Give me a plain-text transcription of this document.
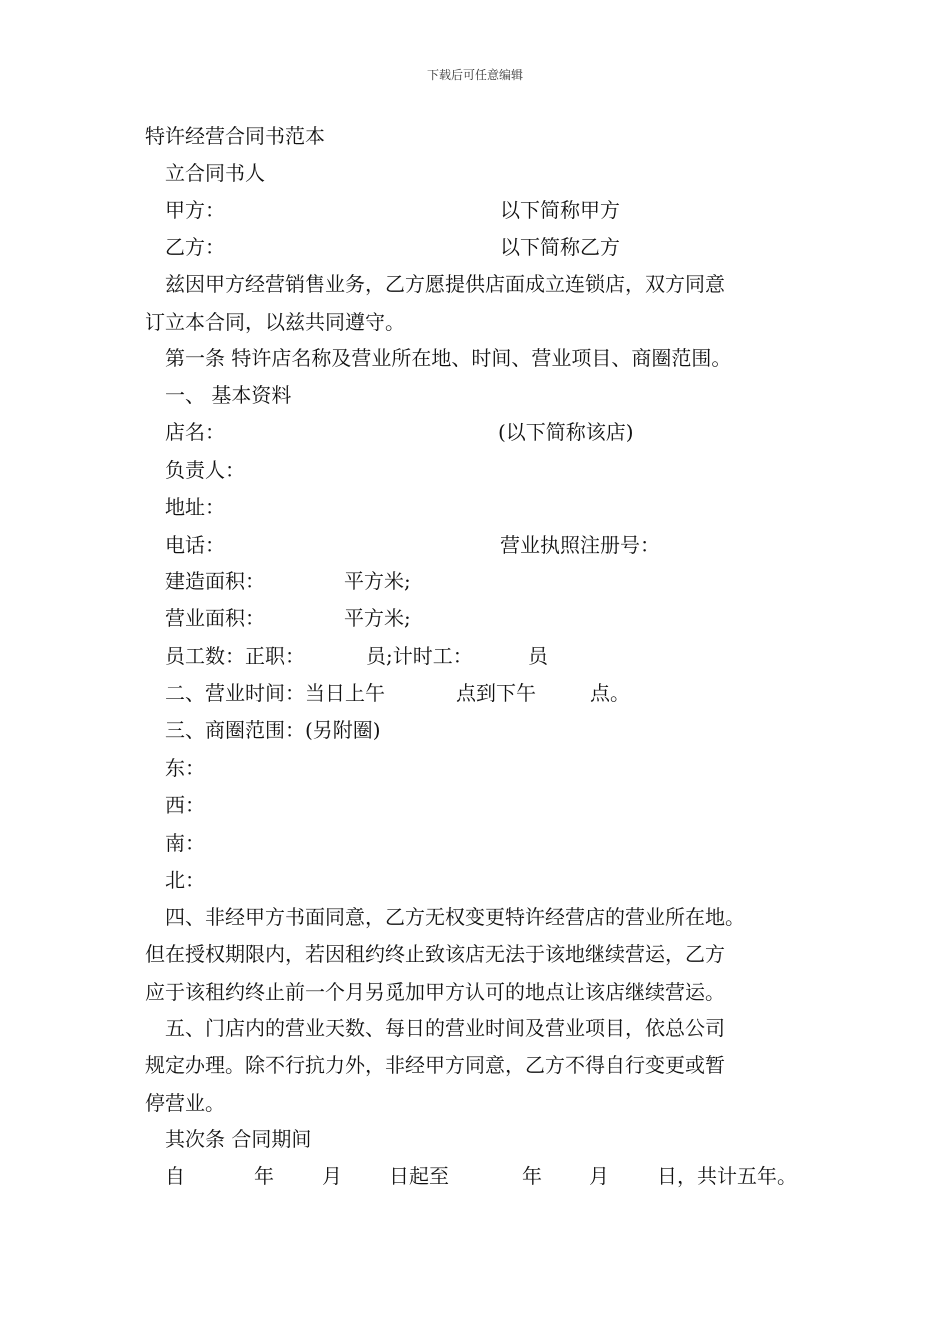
下载后可任意编辑
特许经营合同书范本
立合同书人
甲方：	以下简称甲方
乙方：	以下简称乙方
兹因甲方经营销售业务，乙方愿提供店面成立连锁店，双方同意
订立本合同，以兹共同遵守。
第一条 特许店名称及营业所在地、时间、营业项目、商圈范围。
一、 基本资料
店名：	(以下简称该店)
负责人：
地址：
电话：	营业执照注册号：
建造面积：	平方米;
营业面积：	平方米;
员工数：正职：	员;计时工：	员
二、营业时间：当日上午	点到下午	点。
三、商圈范围：(另附圈)
东：
西：
南：
北：
四、非经甲方书面同意，乙方无权变更特许经营店的营业所在地。
但在授权期限内，若因租约终止致该店无法于该地继续营运，乙方
应于该租约终止前一个月另觅加甲方认可的地点让该店继续营运。
五、门店内的营业天数、每日的营业时间及营业项目，依总公司
规定办理。除不行抗力外，非经甲方同意，乙方不得自行变更或暂
停营业。
其次条 合同期间
自	年 月 日起至	年 月 日，共计五年。
